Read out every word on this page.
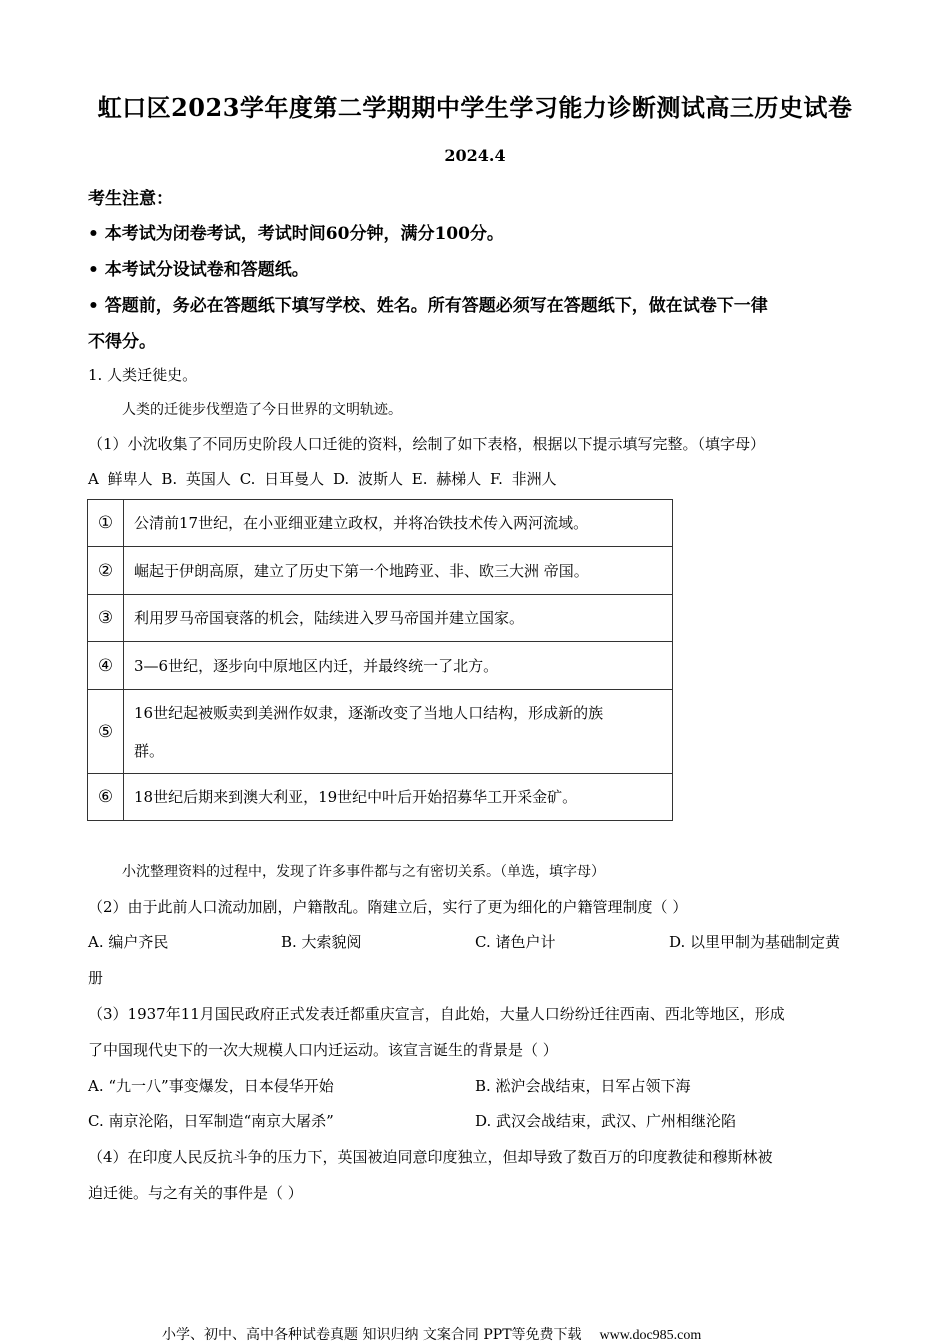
虹口区2023学年度第二学期期中学生学习能力诊断测试高三历史试卷
2024.4
考生注意：
• 本考试为闭卷考试，考试时间60分钟，满分100分。
• 本考试分设试卷和答题纸。
• 答题前，务必在答题纸下填写学校、姓名。所有答题必须写在答题纸下，做在试卷下一律
不得分。
1. 人类迁徙史。
人类的迁徙步伐塑造了今日世界的文明轨迹。
（1）小沈收集了不同历史阶段人口迁徙的资料，绘制了如下表格，根据以下提示填写完整。（填字母）
A 鲜卑人 B. 英国人 C. 日耳曼人 D. 波斯人 E. 赫梯人 F. 非洲人
①	公清前17世纪，在小亚细亚建立政权，并将冶铁技术传入两河流域。
②	崛起于伊朗高原，建立了历史下第一个地跨亚、非、欧三大洲 帝国。
③	利用罗马帝国衰落的机会，陆续进入罗马帝国并建立国家。
④	3—6世纪，逐步向中原地区内迁，并最终统一了北方。
⑤	16世纪起被贩卖到美洲作奴隶，逐渐改变了当地人口结构，形成新的族
群。

⑥	18世纪后期来到澳大利亚，19世纪中叶后开始招募华工开采金矿。
小沈整理资料的过程中，发现了许多事件都与之有密切关系。（单选，填字母）
（2）由于此前人口流动加剧，户籍散乱。隋建立后，实行了更为细化的户籍管理制度（ ）
A. 编户齐民	B. 大索貌阅	C. 诸色户计	D. 以里甲制为基础制定黄
册
（3）1937年11月国民政府正式发表迁都重庆宣言，自此始，大量人口纷纷迁往西南、西北等地区，形成
了中国现代史下的一次大规模人口内迁运动。该宣言诞生的背景是（ ）
A. “九一八”事变爆发，日本侵华开始	B. 淞沪会战结束，日军占领下海
C. 南京沦陷，日军制造“南京大屠杀”	D. 武汉会战结束，武汉、广州相继沦陷
（4）在印度人民反抗斗争的压力下，英国被迫同意印度独立，但却导致了数百万的印度教徒和穆斯林被
迫迁徙。与之有关的事件是（ ）
小学、初中、高中各种试卷真题 知识归纳 文案合同 PPT等免费下载 www.doc985.com
